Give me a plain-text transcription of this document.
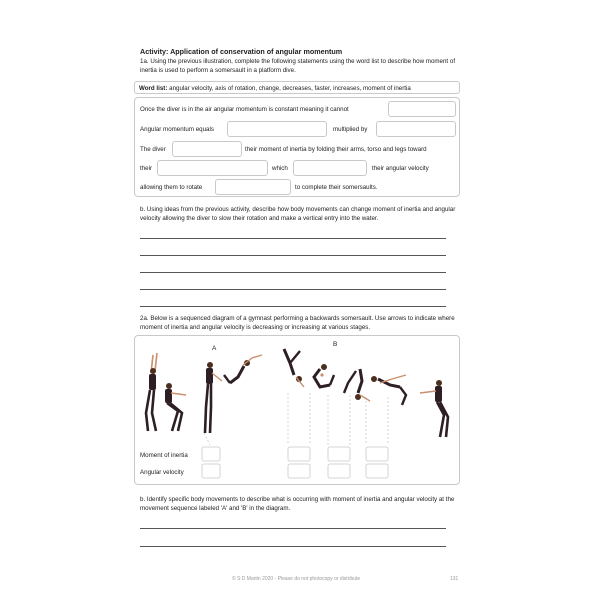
Activity: Application of conservation of angular momentum
1a. Using the previous illustration, complete the following statements using the word list to describe how moment of inertia is used to perform a somersault in a platform dive.
Word list: angular velocity, axis of rotation, change, decreases, faster, increases, moment of inertia
Once the diver is in the air angular momentum is constant meaning it cannot
Angular momentum equals	multiplied by
The diver	their moment of inertia by folding their arms, torso and legs toward
their	which	their angular velocity
allowing them to rotate	to complete their somersaults.
b. Using ideas from the previous activity, describe how body movements can change moment of inertia and angular velocity allowing the diver to slow their rotation and make a vertical entry into the water.
2a. Below is a sequenced diagram of a gymnast performing a backwards somersault. Use arrows to indicate where moment of inertia and angular velocity is decreasing or increasing at various stages.
A
B
Moment of inertia
Angular velocity
b. Identify specific body movements to describe what is occurring with moment of inertia and angular velocity at the movement sequence labeled 'A' and 'B' in the diagram.
© S D Martin 2020 - Please do not photocopy or distribute	131
